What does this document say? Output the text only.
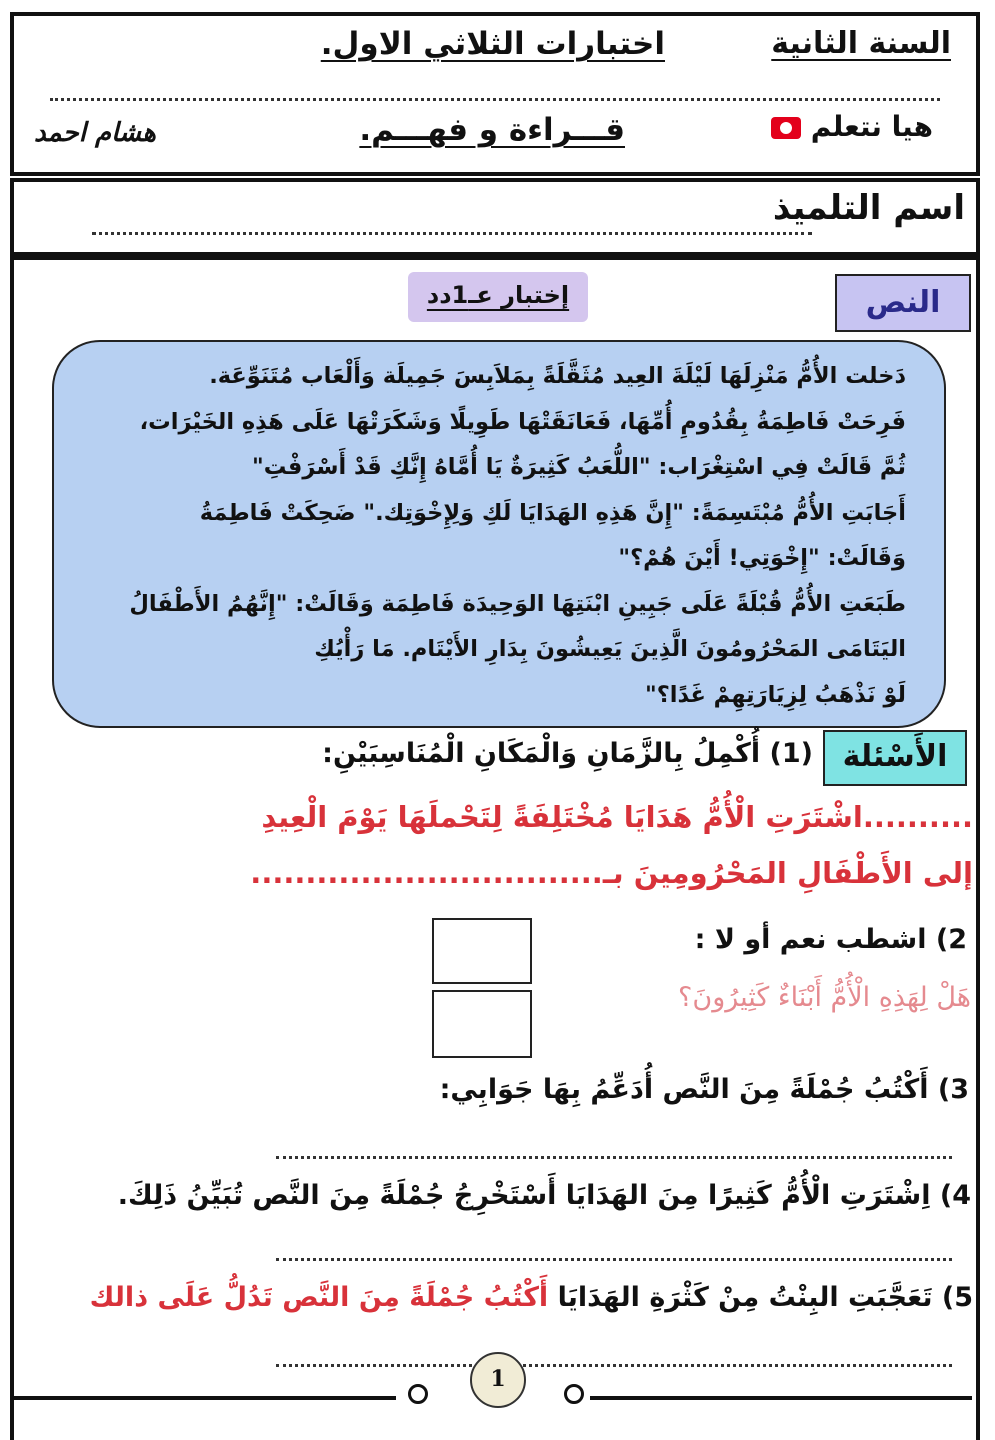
السنة الثانية
اختبارات الثلاثي الاول.
هيا نتعلم
قـــراءة و فهـــم.
هشام احمد
اسم التلميذ
النص
إختبار عـ1دد

دَخلت الأُمُّ مَنْزِلَهَا لَيْلَةَ العِيد مُثَقَّلَةً بِمَلاَبِسَ جَمِيلَة وَأَلْعَاب مُتَنَوِّعَة.

فَرِحَتْ فَاطِمَةُ بِقُدُومِ أُمِّهَا، فَعَانَقَتْهَا طَوِيلًا وَشَكَرَتْهَا عَلَى هَذِهِ الخَيْرَات،

ثُمَّ قَالَتْ فِي اسْتِغْرَاب: "اللُّعَبُ كَثِيرَةٌ يَا أُمَّاهُ إِنَّكِ قَدْ أَسْرَفْتِ"

أَجَابَتِ الأُمُّ مُبْتَسِمَةً: "إِنَّ هَذِهِ الهَدَايَا لَكِ وَلِإِخْوَتِك." ضَحِكَتْ فَاطِمَةُ

وَقَالَتْ: "إِخْوَتِي! أَيْنَ هُمْ؟"

طَبَعَتِ الأُمُّ قُبْلَةً عَلَى جَبِينِ ابْنَتِهَا الوَحِيدَة فَاطِمَة وَقَالَتْ: "إِنَّهُمُ الأَطْفَالُ

اليَتَامَى المَحْرُومُونَ الَّذِينَ يَعِيشُونَ بِدَارِ الأَيْتَام. مَا رَأْيُكِ

لَوْ نَذْهَبُ لِزِيَارَتِهِمْ غَدًا؟"

الأَسْئلة
(1) أُكْمِلُ بِالزَّمَانِ وَالْمَكَانِ الْمُنَاسِبَيْنِ:
..........اشْتَرَتِ الْأُمُّ هَدَايَا مُخْتَلِفَةً لِتَحْملَهَا يَوْمَ الْعِيدِ
إلى الأَطْفَالِ المَحْرُومِينَ بـ................................
2) اشطب نعم أو لا :
هَلْ لِهَذِهِ الْأُمُّ أَبْنَاءٌ كَثِيرُونَ؟
3) أَكْتُبُ جُمْلَةً مِنَ النَّص أُدَعِّمُ بِهَا جَوَابِي:
4) اِشْتَرَتِ الْأُمُّ كَثِيرًا مِنَ الهَدَايَا أَسْتَخْرِجُ جُمْلَةً مِنَ النَّص تُبَيِّنُ ذَلِكَ.
5) تَعَجَّبَتِ البِنْتُ مِنْ كَثْرَةِ الهَدَايَا أَكْتُبُ جُمْلَةً مِنَ النَّص تَدُلُّ عَلَى ذالك
1
